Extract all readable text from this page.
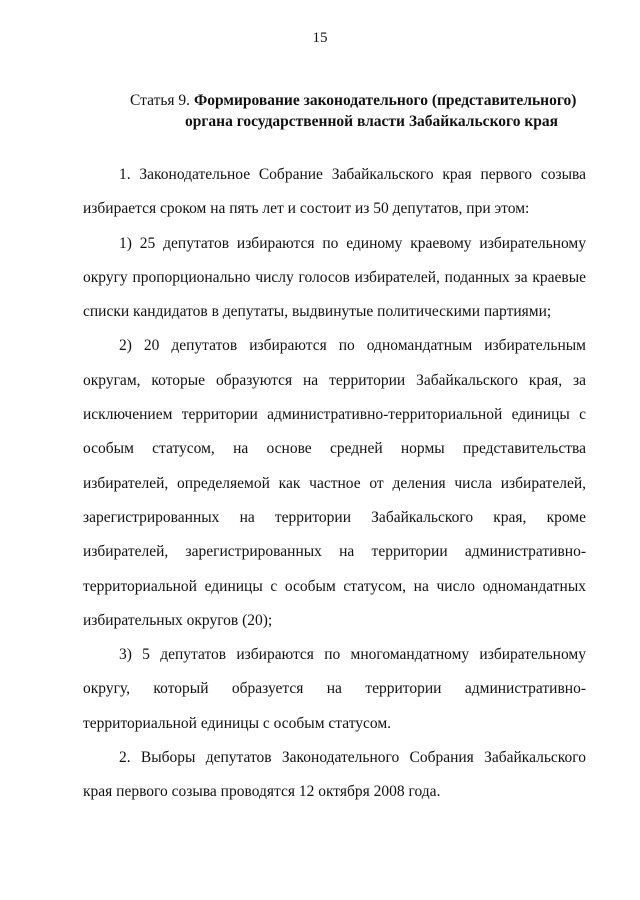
15
Статья 9. Формирование законодательного (представительного)
органа государственной власти Забайкальского края

1. Законодательное Собрание Забайкальского края первого созыва избирается сроком на пять лет и состоит из 50 депутатов, при этом:

1) 25 депутатов избираются по единому краевому избирательному округу пропорционально числу голосов избирателей, поданных за краевые списки кандидатов в депутаты, выдвинутые политическими партиями;

2) 20 депутатов избираются по одномандатным избирательным округам, которые образуются на территории Забайкальского края, за исключением территории административно-территориальной единицы с особым статусом, на основе средней нормы представительства избирателей, определяемой как частное от деления числа избирателей, зарегистрированных на территории Забайкальского края, кроме избирателей, зарегистрированных на территории административно-территориальной единицы с особым статусом, на число одномандатных избирательных округов (20);

3) 5 депутатов избираются по многомандатному избирательному округу, который образуется на территории административно-территориальной единицы с особым статусом.

2. Выборы депутатов Законодательного Собрания Забайкальского края первого созыва проводятся 12 октября 2008 года.
